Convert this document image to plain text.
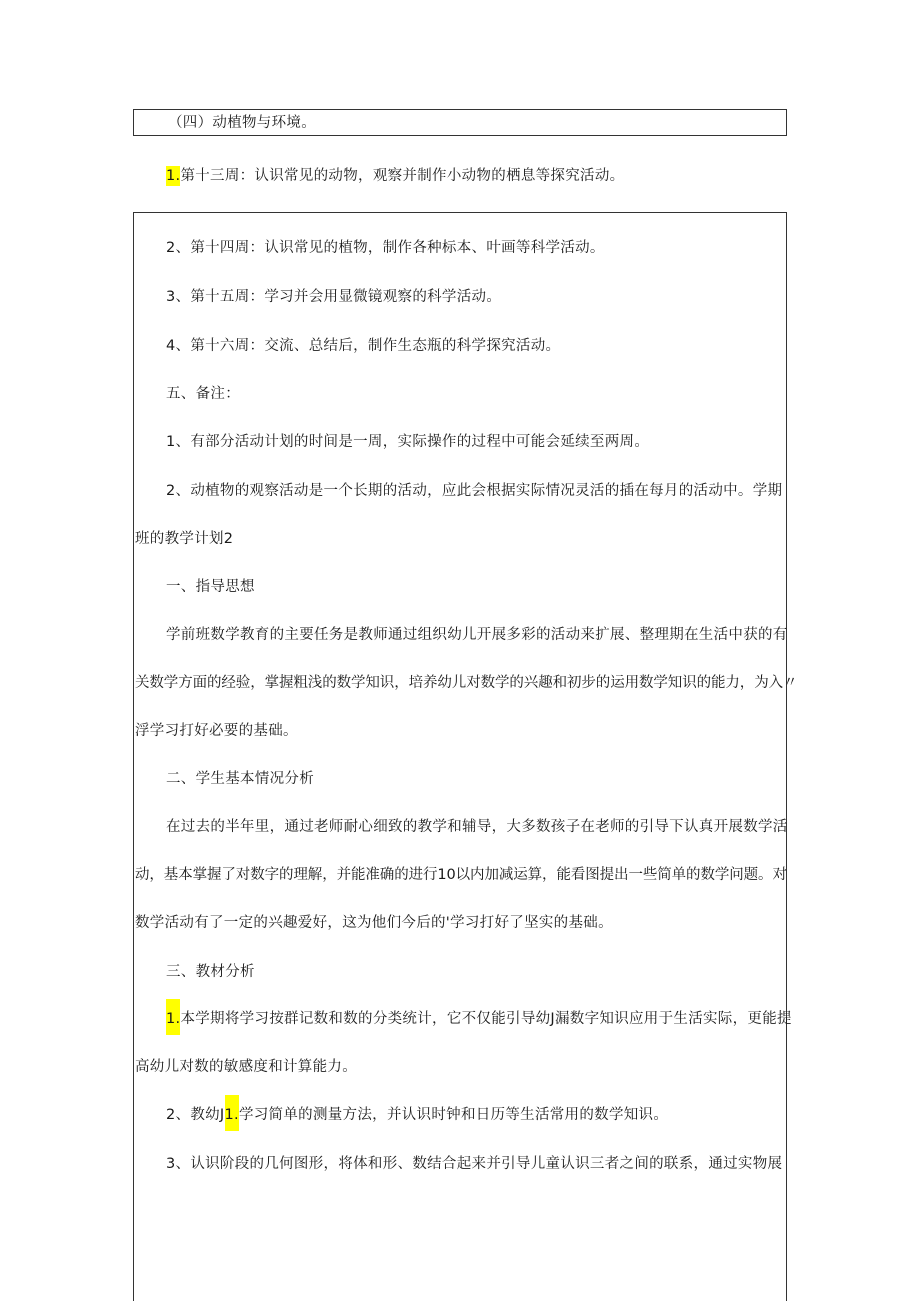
（四）动植物与环境。
1.第十三周：认识常见的动物，观察并制作小动物的栖息等探究活动。
2、第十四周：认识常见的植物，制作各种标本、叶画等科学活动。
3、第十五周：学习并会用显微镜观察的科学活动。
4、第十六周：交流、总结后，制作生态瓶的科学探究活动。
五、备注：
1、有部分活动计划的时间是一周，实际操作的过程中可能会延续至两周。
2、动植物的观察活动是一个长期的活动，应此会根据实际情况灵活的插在每月的活动中。学期
班的教学计划2
一、指导思想
学前班数学教育的主要任务是教师通过组织幼儿开展多彩的活动来扩展、整理期在生活中获的有
关数学方面的经验，掌握粗浅的数学知识，培养幼儿对数学的兴趣和初步的运用数学知识的能力，为入〃
浮学习打好必要的基础。
二、学生基本情况分析
在过去的半年里，通过老师耐心细致的教学和辅导，大多数孩子在老师的引导下认真开展数学活
动，基本掌握了对数字的理解，并能准确的进行10以内加减运算，能看图提出一些简单的数学问题。对
数学活动有了一定的兴趣爱好，这为他们今后的'学习打好了坚实的基础。
三、教材分析
1.本学期将学习按群记数和数的分类统计，它不仅能引导幼J漏数字知识应用于生活实际，更能提
高幼儿对数的敏感度和计算能力。
2、教幼J1.学习简单的测量方法，并认识时钟和日历等生活常用的数学知识。
3、认识阶段的几何图形，将体和形、数结合起来并引导儿童认识三者之间的联系，通过实物展
